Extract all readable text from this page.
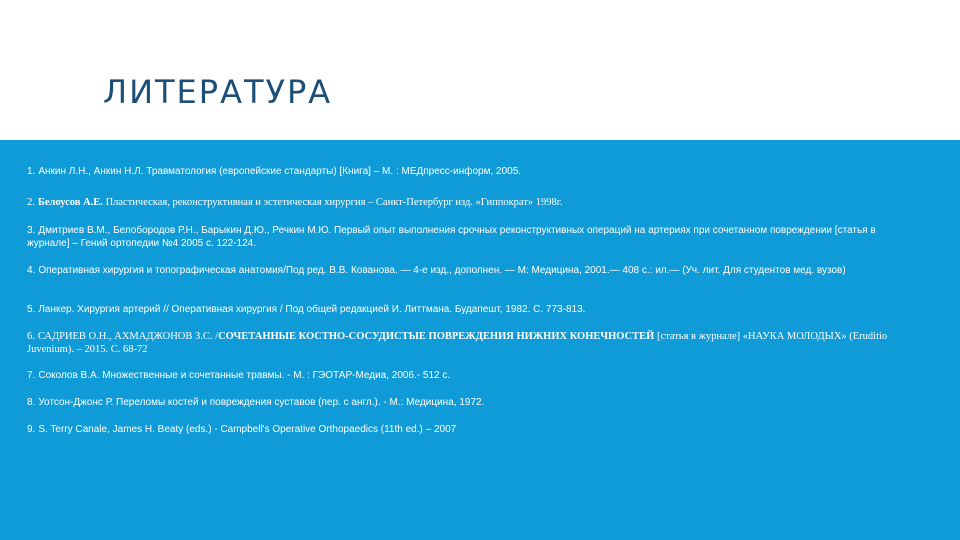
ЛИТЕРАТУРА
1. Анкин Л.Н., Анкин Н.Л. Травматология (европейские стандарты) [Книга] – М. : МЕДпресс-информ, 2005.
2. Белоусов А.Е. Пластическая, реконструктивная и эстетическая хирургия – Санкт-Петербург изд. «Гиппократ» 1998г.
3. Дмитриев В.М., Белобородов Р.Н., Барыкин Д.Ю., Речкин М.Ю. Первый опыт выполнения срочных реконструктивных операций на артериях при сочетанном повреждении [статья в журнале] – Гений ортопедии №4 2005 с. 122-124.
4. Оперативная хирургия и топографическая анатомия/Под ред. В.В. Кованова. — 4-е изд., дополнен. — М: Медицина, 2001.— 408 с.: ил.— (Уч. лит. Для студентов мед. вузов)
5. Ланкер. Хирургия артерий // Оперативная хирургия / Под общей редакцией И. Литтмана. Будапешт, 1982. С. 773-813.
6. САДРИЕВ О.Н., АХМАДЖОНОВ З.С. /СОЧЕТАННЫЕ КОСТНО-СОСУДИСТЫЕ ПОВРЕЖДЕНИЯ НИЖНИХ КОНЕЧНОСТЕЙ [статья в журнале] «НАУКА МОЛОДЫХ» (Eruditio Juvenium). – 2015. С. 68-72
7. Соколов В.А. Множественные и сочетанные травмы. - М. : ГЭОТАР-Медиа, 2006.- 512 с.
8. Уотсон-Джонс Р. Переломы костей и повреждения суставов (пер. с англ.). - М.: Медицина, 1972.
9. S. Terry Canale, James H. Beaty (eds.) - Campbell's Operative Orthopaedics (11th ed.) – 2007
